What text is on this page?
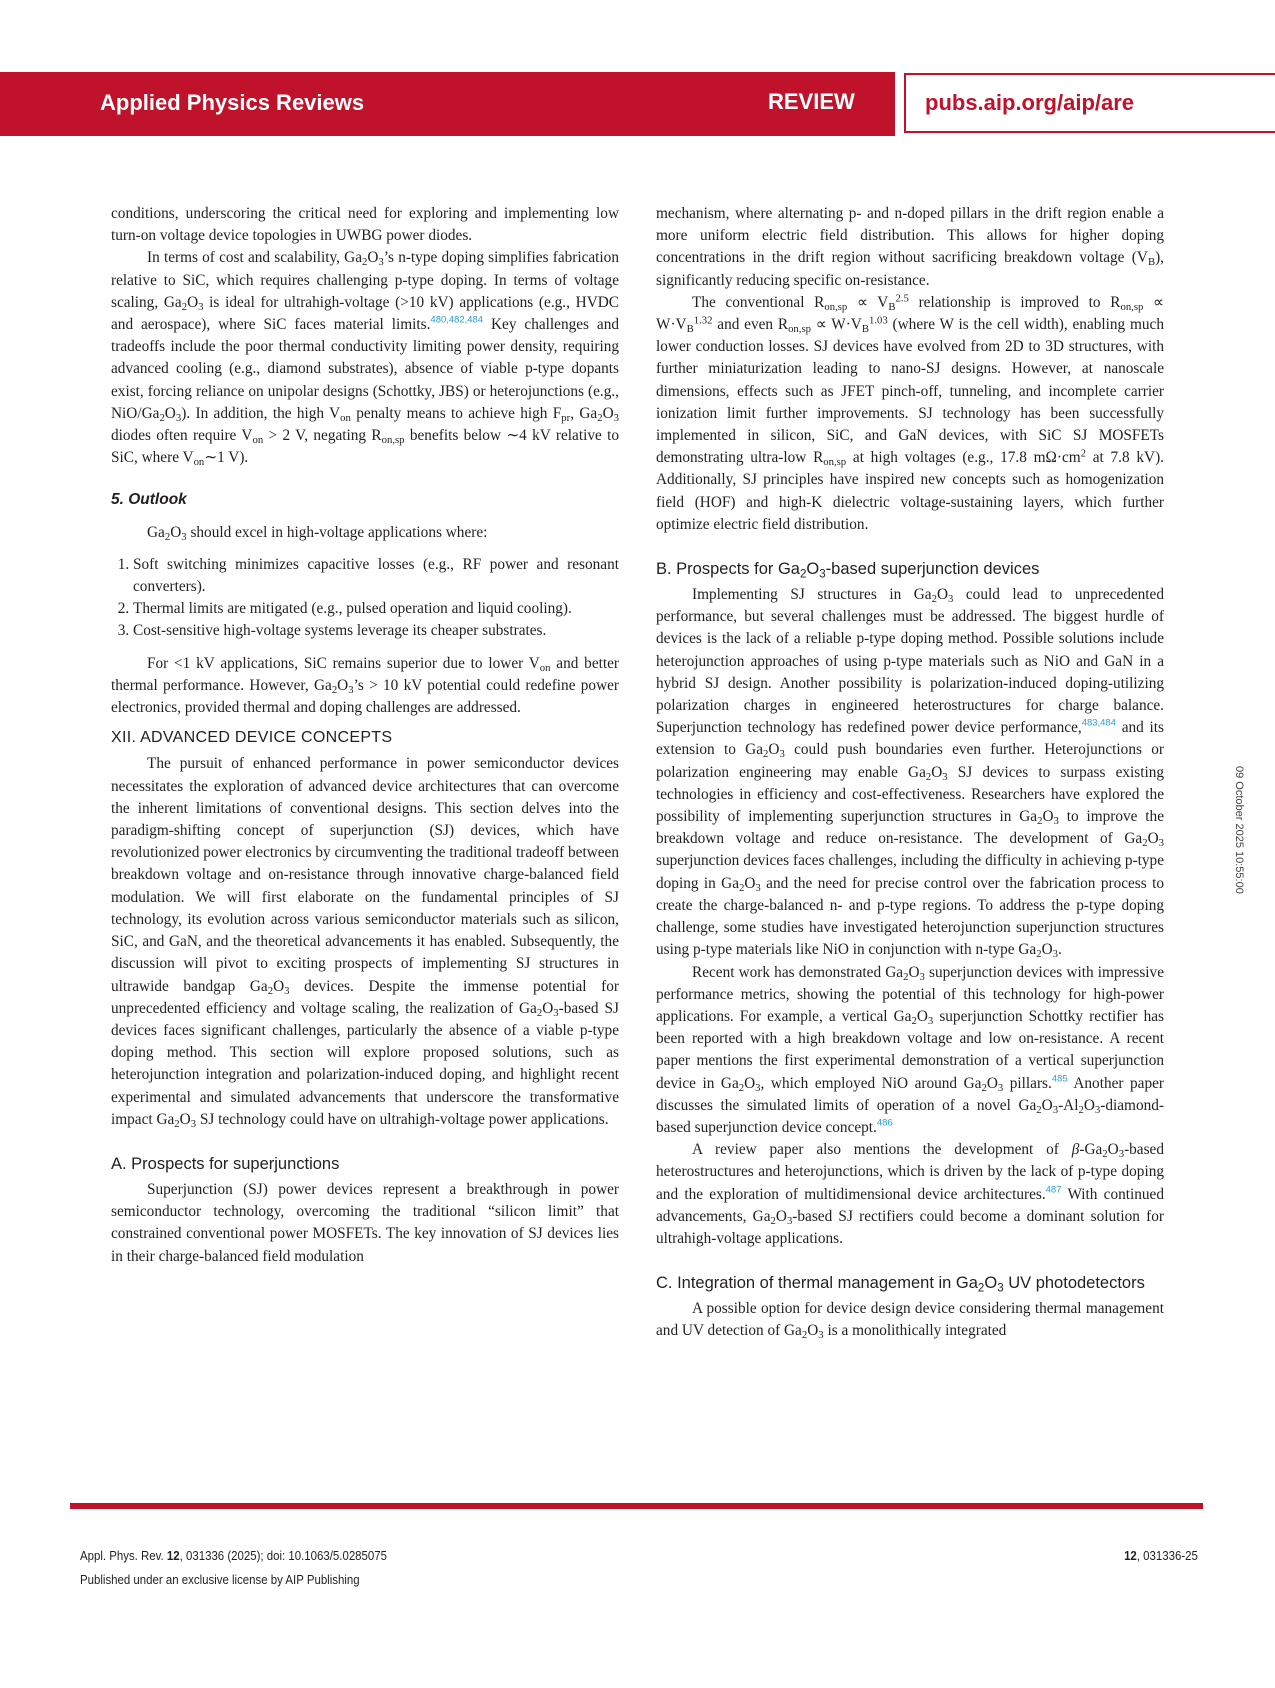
Applied Physics Reviews	REVIEW	pubs.aip.org/aip/are
09 October 2025 10:55:00

conditions, underscoring the critical need for exploring and implementing low turn-on voltage device topologies in UWBG power diodes.

In terms of cost and scalability, $Ga_2O_3’s$ n-type doping simplifies fabrication relative to SiC, which requires challenging p-type doping. In terms of voltage scaling, $Ga_2O_3$ is ideal for ultrahigh-voltage (>10 kV) applications (e.g., HVDC and aerospace), where SiC faces material limits.$^{480,482,484}$ Key challenges and tradeoffs include the poor thermal conductivity limiting power density, requiring advanced cooling (e.g., diamond substrates), absence of viable p-type dopants exist, forcing reliance on unipolar designs (Schottky, JBS) or heterojunctions (e.g., NiO/$Ga_2O_3$). In addition, the high $V_{on}$ penalty means to achieve high $F_{pr}$, $Ga_2O_3$ diodes often require $V_{on} > 2$ V, negating $R_{on,sp}$ benefits below ∼4 kV relative to SiC, where $V_{on}\sim 1$ V).

5. Outlook

$Ga_2O_3$ should excel in high-voltage applications where:

1. Soft switching minimizes capacitive losses (e.g., RF power and resonant converters).
2. Thermal limits are mitigated (e.g., pulsed operation and liquid cooling).
3. Cost-sensitive high-voltage systems leverage its cheaper substrates.

For <1 kV applications, SiC remains superior due to lower $V_{on}$ and better thermal performance. However, $Ga_2O_3’s > 10$ kV potential could redefine power electronics, provided thermal and doping challenges are addressed.

XII. ADVANCED DEVICE CONCEPTS

The pursuit of enhanced performance in power semiconductor devices necessitates the exploration of advanced device architectures that can overcome the inherent limitations of conventional designs. This section delves into the paradigm-shifting concept of superjunction (SJ) devices, which have revolutionized power electronics by circumventing the traditional tradeoff between breakdown voltage and on-resistance through innovative charge-balanced field modulation. We will first elaborate on the fundamental principles of SJ technology, its evolution across various semiconductor materials such as silicon, SiC, and GaN, and the theoretical advancements it has enabled. Subsequently, the discussion will pivot to exciting prospects of implementing SJ structures in ultrawide bandgap $Ga_2O_3$ devices. Despite the immense potential for unprecedented efficiency and voltage scaling, the realization of $Ga_2O_3$-based SJ devices faces significant challenges, particularly the absence of a viable p-type doping method. This section will explore proposed solutions, such as heterojunction integration and polarization-induced doping, and highlight recent experimental and simulated advancements that underscore the transformative impact $Ga_2O_3$ SJ technology could have on ultrahigh-voltage power applications.

A. Prospects for superjunctions

Superjunction (SJ) power devices represent a breakthrough in power semiconductor technology, overcoming the traditional “silicon limit” that constrained conventional power MOSFETs. The key innovation of SJ devices lies in their charge-balanced field modulation

mechanism, where alternating p- and n-doped pillars in the drift region enable a more uniform electric field distribution. This allows for higher doping concentrations in the drift region without sacrificing breakdown voltage $(V_B)$, significantly reducing specific on-resistance.

The conventional $R_{on,sp} \propto V_B^{2.5}$ relationship is improved to $R_{on,sp} \propto W\cdot V_B^{1.32}$ and even $R_{on,sp} \propto W\cdot V_B^{1.03}$ (where W is the cell width), enabling much lower conduction losses. SJ devices have evolved from 2D to 3D structures, with further miniaturization leading to nano-SJ designs. However, at nanoscale dimensions, effects such as JFET pinch-off, tunneling, and incomplete carrier ionization limit further improvements. SJ technology has been successfully implemented in silicon, SiC, and GaN devices, with SiC SJ MOSFETs demonstrating ultra-low $R_{on,sp}$ at high voltages (e.g., 17.8 $m\Omega\cdot cm^2$ at 7.8 kV). Additionally, SJ principles have inspired new concepts such as homogenization field (HOF) and high-K dielectric voltage-sustaining layers, which further optimize electric field distribution.

B. Prospects for $Ga_2O_3$-based superjunction devices

Implementing SJ structures in $Ga_2O_3$ could lead to unprecedented performance, but several challenges must be addressed. The biggest hurdle of devices is the lack of a reliable p-type doping method. Possible solutions include heterojunction approaches of using p-type materials such as NiO and GaN in a hybrid SJ design. Another possibility is polarization-induced doping-utilizing polarization charges in engineered heterostructures for charge balance. Superjunction technology has redefined power device performance,$^{483,484}$ and its extension to $Ga_2O_3$ could push boundaries even further. Heterojunctions or polarization engineering may enable $Ga_2O_3$ SJ devices to surpass existing technologies in efficiency and cost-effectiveness. Researchers have explored the possibility of implementing superjunction structures in $Ga_2O_3$ to improve the breakdown voltage and reduce on-resistance. The development of $Ga_2O_3$ superjunction devices faces challenges, including the difficulty in achieving p-type doping in $Ga_2O_3$ and the need for precise control over the fabrication process to create the charge-balanced n- and p-type regions. To address the p-type doping challenge, some studies have investigated heterojunction superjunction structures using p-type materials like NiO in conjunction with n-type $Ga_2O_3$.

Recent work has demonstrated $Ga_2O_3$ superjunction devices with impressive performance metrics, showing the potential of this technology for high-power applications. For example, a vertical $Ga_2O_3$ superjunction Schottky rectifier has been reported with a high breakdown voltage and low on-resistance. A recent paper mentions the first experimental demonstration of a vertical superjunction device in $Ga_2O_3$, which employed NiO around $Ga_2O_3$ pillars.$^{485}$ Another paper discusses the simulated limits of operation of a novel $Ga_2O_3-Al_2O_3-diamond$-based superjunction device concept.$^{486}$

A review paper also mentions the development of $\beta-Ga_2O_3$-based heterostructures and heterojunctions, which is driven by the lack of p-type doping and the exploration of multidimensional device architectures.$^{487}$ With continued advancements, $Ga_2O_3$-based SJ rectifiers could become a dominant solution for ultrahigh-voltage applications.

C. Integration of thermal management in $Ga_2O_3$ UV photodetectors

A possible option for device design device considering thermal management and UV detection of $Ga_2O_3$ is a monolithically integrated

Appl. Phys. Rev. 12, 031336 (2025); doi: 10.1063/5.0285075
Published under an exclusive license by AIP Publishing
12, 031336-25
